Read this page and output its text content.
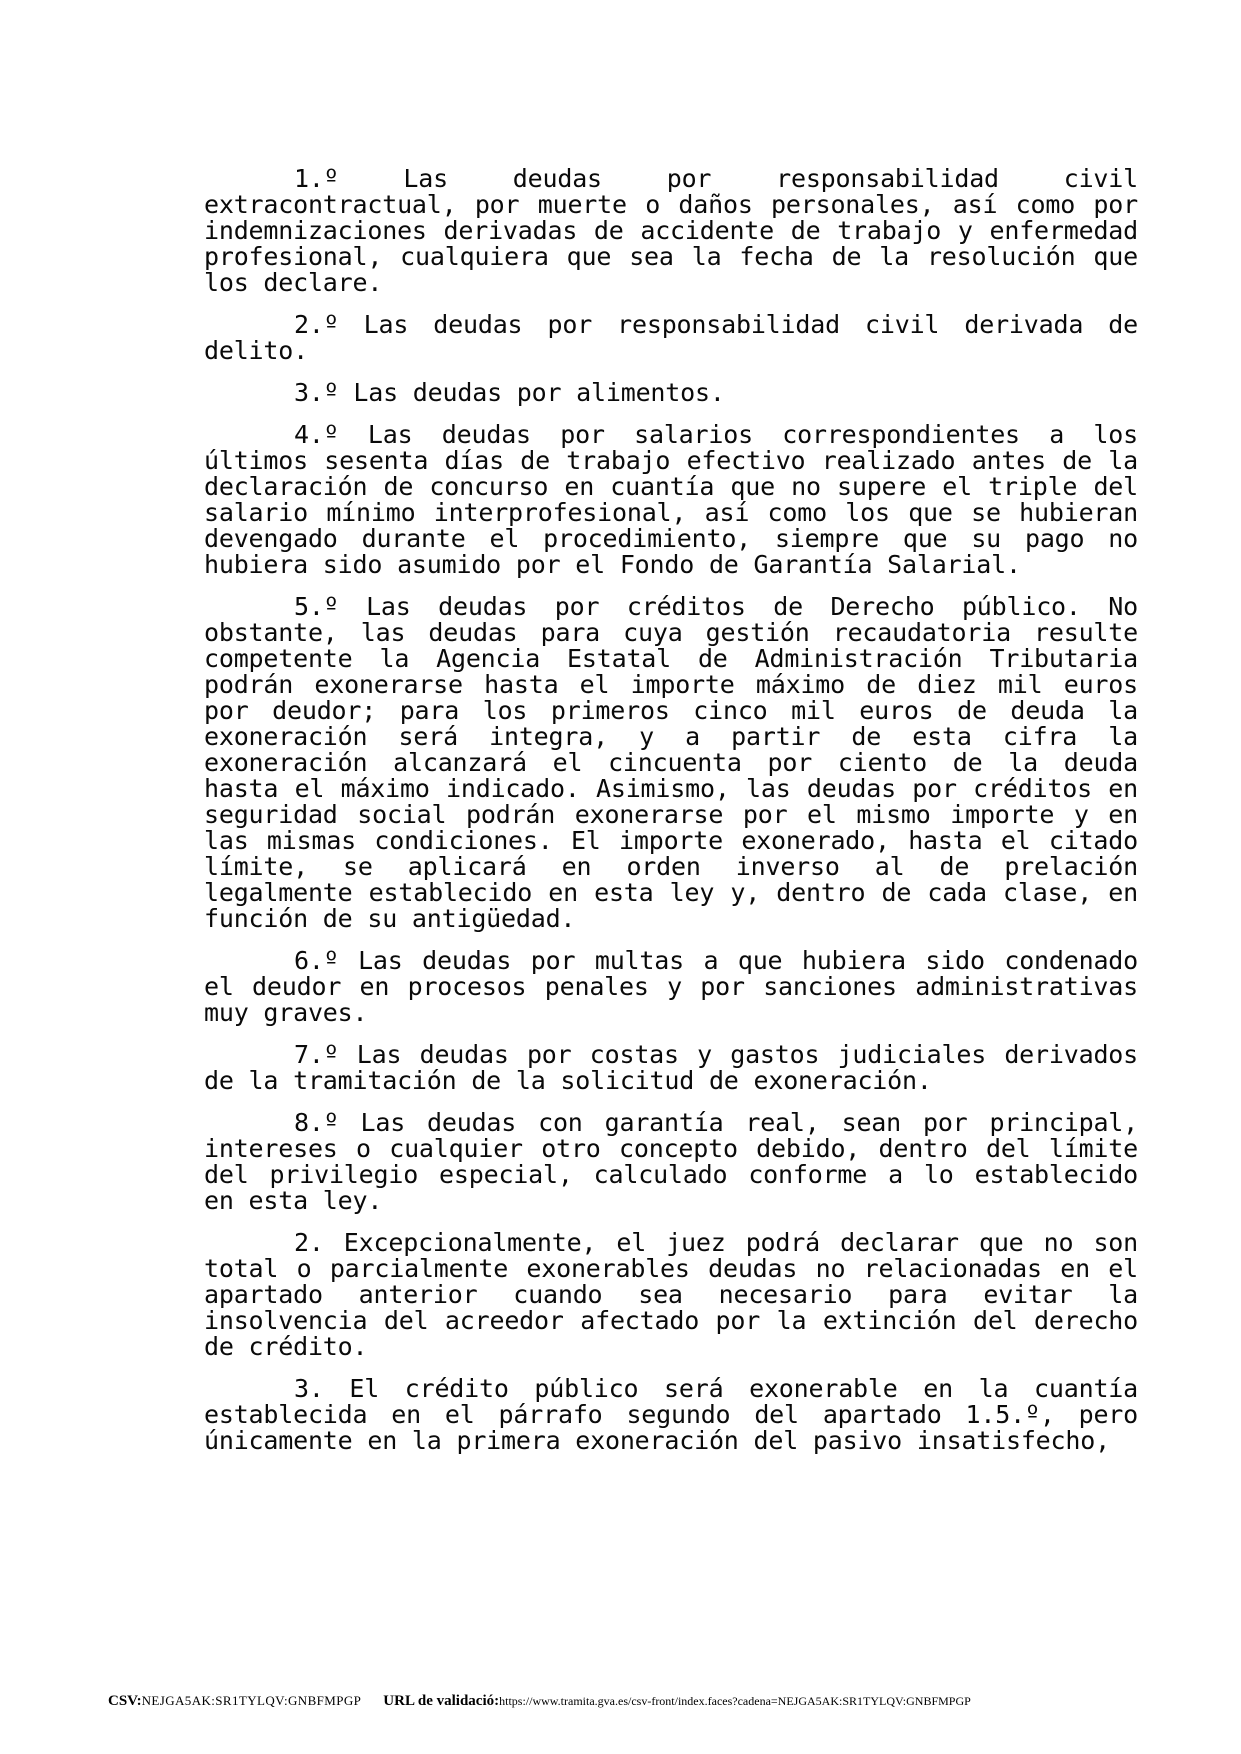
1.º Las deudas por responsabilidad civil
extracontractual, por muerte o daños personales, así como por
indemnizaciones derivadas de accidente de trabajo y enfermedad
profesional, cualquiera que sea la fecha de la resolución que
los declare.

2.º Las deudas por responsabilidad civil derivada de
delito.

3.º Las deudas por alimentos.

4.º Las deudas por salarios correspondientes a los
últimos sesenta días de trabajo efectivo realizado antes de la
declaración de concurso en cuantía que no supere el triple del
salario mínimo interprofesional, así como los que se hubieran
devengado durante el procedimiento, siempre que su pago no
hubiera sido asumido por el Fondo de Garantía Salarial.

5.º Las deudas por créditos de Derecho público. No
obstante, las deudas para cuya gestión recaudatoria resulte
competente la Agencia Estatal de Administración Tributaria
podrán exonerarse hasta el importe máximo de diez mil euros
por deudor; para los primeros cinco mil euros de deuda la
exoneración será integra, y a partir de esta cifra la
exoneración alcanzará el cincuenta por ciento de la deuda
hasta el máximo indicado. Asimismo, las deudas por créditos en
seguridad social podrán exonerarse por el mismo importe y en
las mismas condiciones. El importe exonerado, hasta el citado
límite, se aplicará en orden inverso al de prelación
legalmente establecido en esta ley y, dentro de cada clase, en
función de su antigüedad.

6.º Las deudas por multas a que hubiera sido condenado
el deudor en procesos penales y por sanciones administrativas
muy graves.

7.º Las deudas por costas y gastos judiciales derivados
de la tramitación de la solicitud de exoneración.

8.º Las deudas con garantía real, sean por principal,
intereses o cualquier otro concepto debido, dentro del límite
del privilegio especial, calculado conforme a lo establecido
en esta ley.

2. Excepcionalmente, el juez podrá declarar que no son
total o parcialmente exonerables deudas no relacionadas en el
apartado anterior cuando sea necesario para evitar la
insolvencia del acreedor afectado por la extinción del derecho
de crédito.

3. El crédito público será exonerable en la cuantía
establecida en el párrafo segundo del apartado 1.5.º, pero
únicamente en la primera exoneración del pasivo insatisfecho,

CSV:NEJGA5AK:SR1TYLQV:GNBFMPGP URL de validació:https://www.tramita.gva.es/csv-front/index.faces?cadena=NEJGA5AK:SR1TYLQV:GNBFMPGP
